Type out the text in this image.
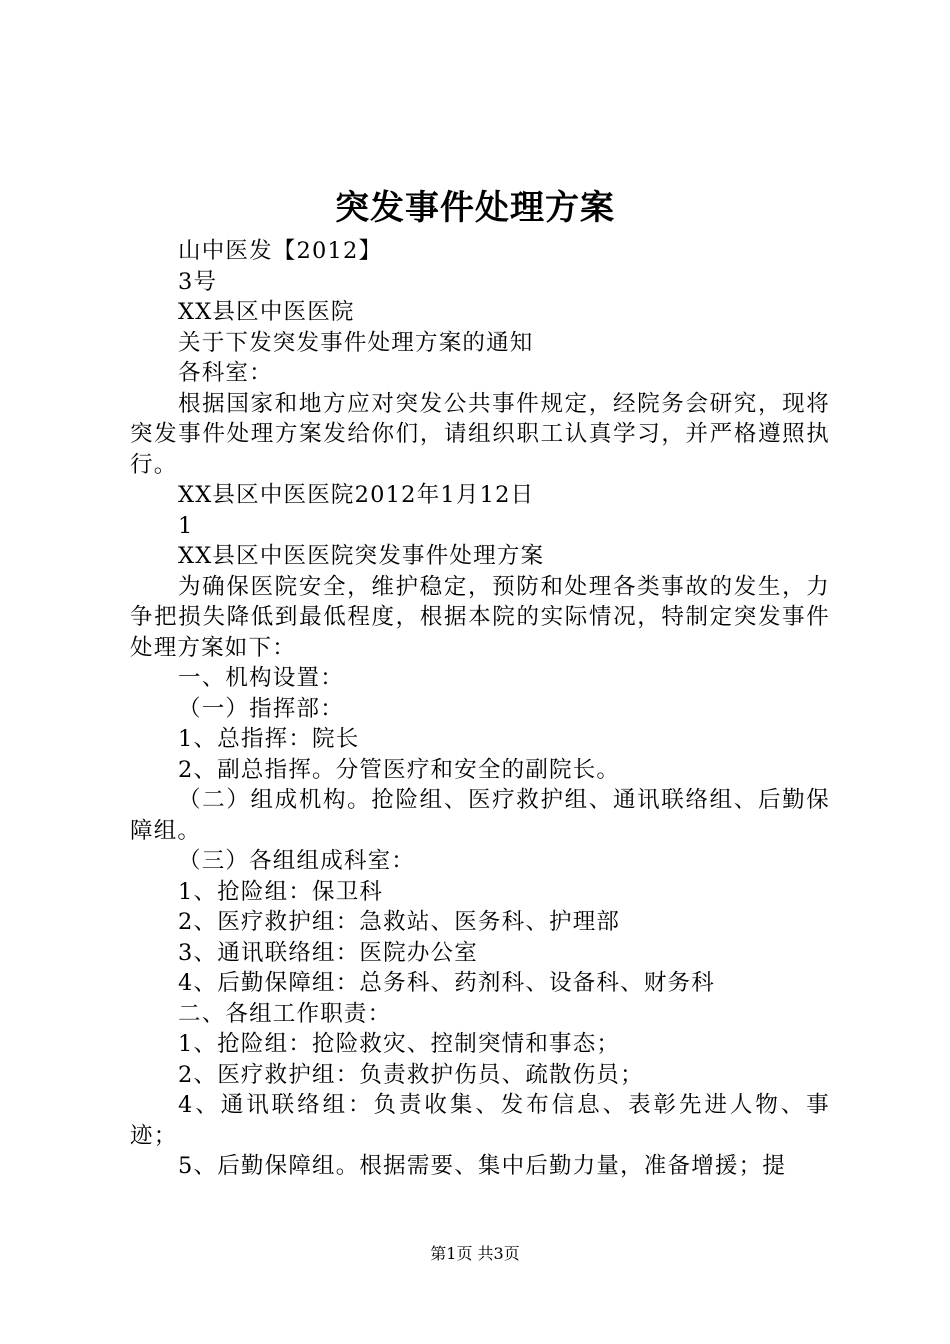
突发事件处理方案

山中医发【2012】

3号

XX县区中医医院

关于下发突发事件处理方案的通知

各科室：

根据国家和地方应对突发公共事件规定，经院务会研究，现将突发事件处理方案发给你们，请组织职工认真学习，并严格遵照执行。

XX县区中医医院2012年1月12日

1

XX县区中医医院突发事件处理方案

为确保医院安全，维护稳定，预防和处理各类事故的发生，力争把损失降低到最低程度，根据本院的实际情况，特制定突发事件处理方案如下：

一、机构设置：

（一）指挥部：

1、总指挥：院长

2、副总指挥。分管医疗和安全的副院长。

（二）组成机构。抢险组、医疗救护组、通讯联络组、后勤保障组。

（三）各组组成科室：

1、抢险组：保卫科

2、医疗救护组：急救站、医务科、护理部

3、通讯联络组：医院办公室

4、后勤保障组：总务科、药剂科、设备科、财务科

二、各组工作职责：

1、抢险组：抢险救灾、控制突情和事态；

2、医疗救护组：负责救护伤员、疏散伤员；

4、通讯联络组：负责收集、发布信息、表彰先进人物、事迹；

5、后勤保障组。根据需要、集中后勤力量，准备增援；提

第1页 共3页
